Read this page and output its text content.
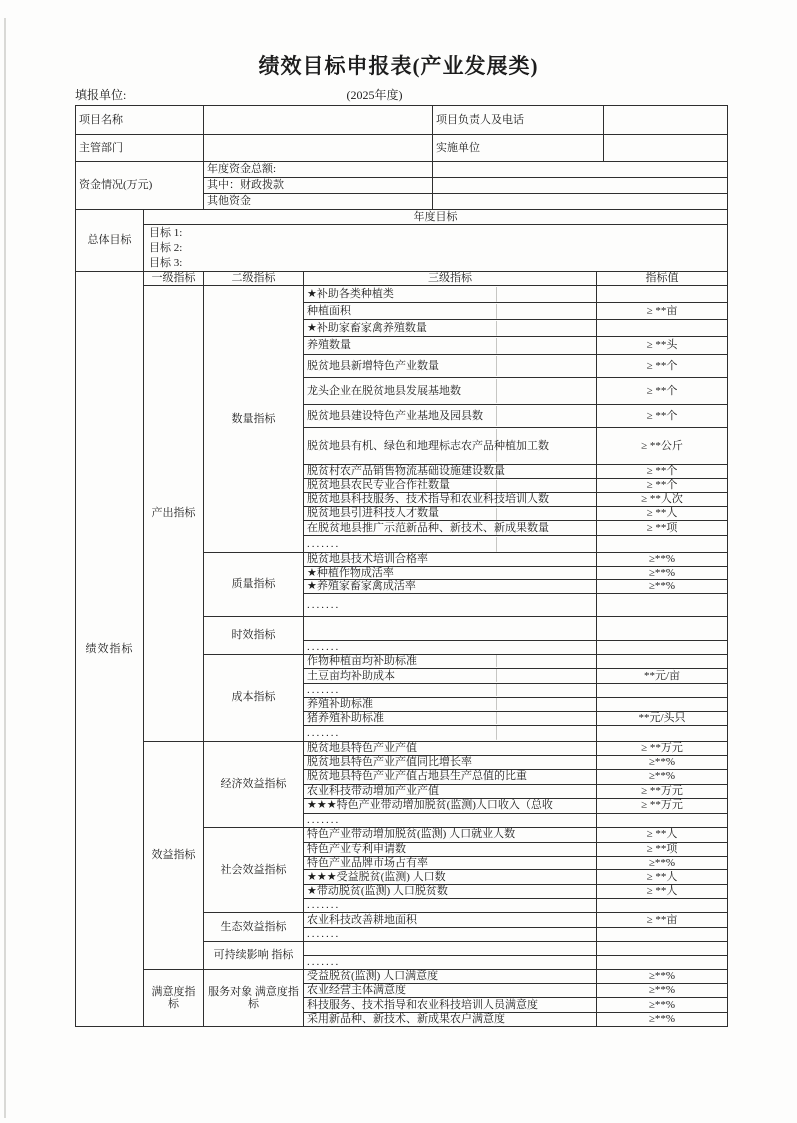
绩效目标申报表(产业发展类)
填报单位:	(2025年度)
项目名称		项目负责人及电话	
主管部门		实施单位	
资金情况(万元)	年度资金总额:		
	其中：财政拨款		
	其他资金		
总体目标	年度目标

目标 1:
目标 2:
目标 3:
绩效指标	一级指标	二级指标	三级指标	指标值
	产出指标	数量指标	★补助各类种植类	
			种植面积	≥ **亩
			★补助家畜家禽养殖数量	
			养殖数量	≥ **头
			脱贫地县新增特色产业数量	≥ **个
			龙头企业在脱贫地县发展基地数	≥ **个
			脱贫地县建设特色产业基地及园县数	≥ **个
			脱贫地县有机、绿色和地理标志农产品种植加工数	≥ **公斤
			脱贫村农产品销售物流基础设施建设数量	≥ **个
			脱贫地县农民专业合作社数量	≥ **个
			脱贫地县科技服务、技术指导和农业科技培训人数	≥ **人次
			脱贫地县引进科技人才数量	≥ **人
			在脱贫地县推广示范新品种、新技术、新成果数量	≥ **项
			.......	
		质量指标	脱贫地县技术培训合格率	≥**%
			★种植作物成活率	≥**%
			★养殖家畜家禽成活率	≥**%
			.......	
		时效指标		
			.......	
		成本指标	作物种植亩均补助标准	
			土豆亩均补助成本	**元/亩
			.......	
			养殖补助标准	
			猪养殖补助标准	**元/头只
			.......	
	效益指标	经济效益指标	脱贫地县特色产业产值	≥ **万元
			脱贫地县特色产业产值同比增长率	≥**%
			脱贫地县特色产业产值占地县生产总值的比重	≥**%
			农业科技带动增加产业产值	≥ **万元
			★★★特色产业带动增加脱贫(监测)人口收入（总收	≥ **万元
			.......	
		社会效益指标	特色产业带动增加脱贫(监测) 人口就业人数	≥ **人
			特色产业专利申请数	≥ **项
			特色产业品牌市场占有率	≥**%
			★★★受益脱贫(监测) 人口数	≥ **人
			★带动脱贫(监测) 人口脱贫数	≥ **人
			.......	
		生态效益指标	农业科技改善耕地面积	≥ **亩
			.......	
		可持续影响 指标		
			.......	
	满意度指标	服务对象 满意度指标	受益脱贫(监测) 人口满意度	≥**%
			农业经营主体满意度	≥**%
			科技服务、技术指导和农业科技培训人员满意度	≥**%
			采用新品种、新技术、新成果农户满意度	≥**%
